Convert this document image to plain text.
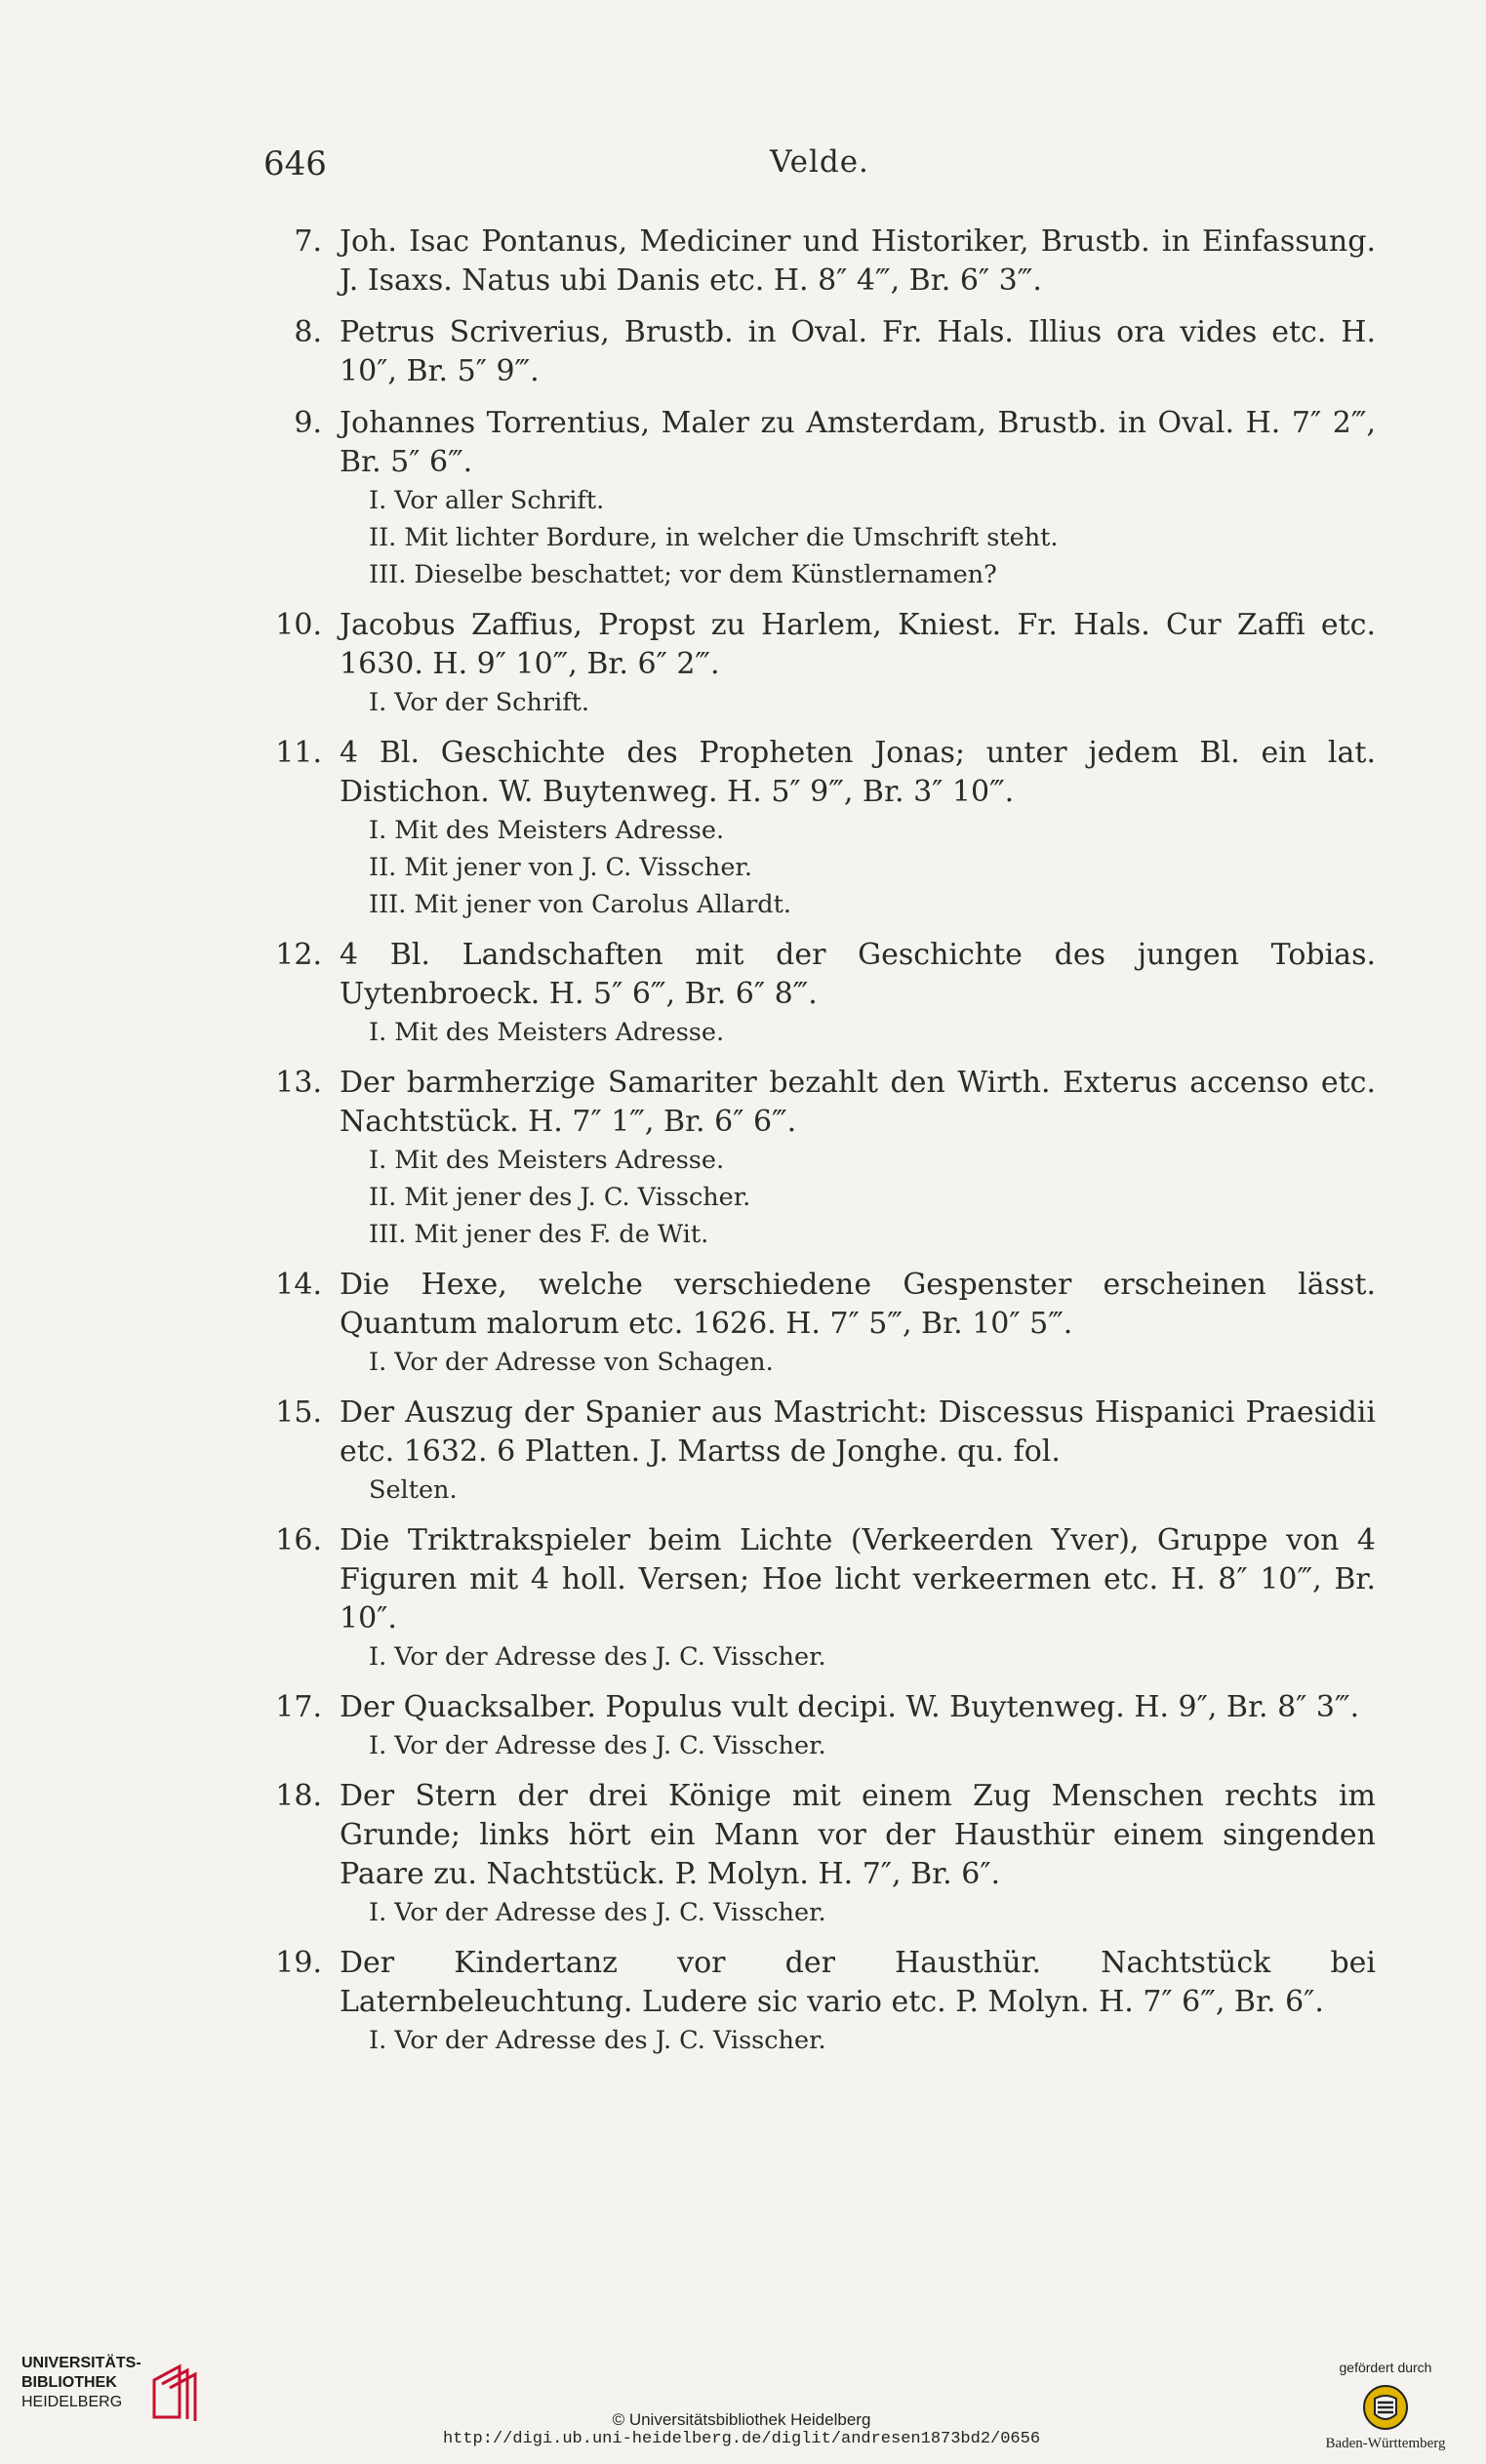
646	Velde.
7. Joh. Isac Pontanus, Mediciner und Historiker, Brustb. in Einfassung. J. Isaxs. Natus ubi Danis etc. H. 8″ 4‴, Br. 6″ 3‴.
8. Petrus Scriverius, Brustb. in Oval. Fr. Hals. Illius ora vides etc. H. 10″, Br. 5″ 9‴.
9. Johannes Torrentius, Maler zu Amsterdam, Brustb. in Oval. H. 7″ 2‴, Br. 5″ 6‴.
I. Vor aller Schrift.
II. Mit lichter Bordure, in welcher die Umschrift steht.
III. Dieselbe beschattet; vor dem Künstlernamen?
10. Jacobus Zaffius, Propst zu Harlem, Kniest. Fr. Hals. Cur Zaffi etc. 1630. H. 9″ 10‴, Br. 6″ 2‴.
I. Vor der Schrift.
11. 4 Bl. Geschichte des Propheten Jonas; unter jedem Bl. ein lat. Distichon. W. Buytenweg. H. 5″ 9‴, Br. 3″ 10‴.
I. Mit des Meisters Adresse.
II. Mit jener von J. C. Visscher.
III. Mit jener von Carolus Allardt.
12. 4 Bl. Landschaften mit der Geschichte des jungen Tobias. Uytenbroeck. H. 5″ 6‴, Br. 6″ 8‴.
I. Mit des Meisters Adresse.
13. Der barmherzige Samariter bezahlt den Wirth. Exterus accenso etc. Nachtstück. H. 7″ 1‴, Br. 6″ 6‴.
I. Mit des Meisters Adresse.
II. Mit jener des J. C. Visscher.
III. Mit jener des F. de Wit.
14. Die Hexe, welche verschiedene Gespenster erscheinen lässt. Quantum malorum etc. 1626. H. 7″ 5‴, Br. 10″ 5‴.
I. Vor der Adresse von Schagen.
15. Der Auszug der Spanier aus Mastricht: Discessus Hispanici Praesidii etc. 1632. 6 Platten. J. Martss de Jonghe. qu. fol.
Selten.
16. Die Triktrakspieler beim Lichte (Verkeerden Yver), Gruppe von 4 Figuren mit 4 holl. Versen; Hoe licht verkeermen etc. H. 8″ 10‴, Br. 10″.
I. Vor der Adresse des J. C. Visscher.
17. Der Quacksalber. Populus vult decipi. W. Buytenweg. H. 9″, Br. 8″ 3‴.
I. Vor der Adresse des J. C. Visscher.
18. Der Stern der drei Könige mit einem Zug Menschen rechts im Grunde; links hört ein Mann vor der Hausthür einem singenden Paare zu. Nachtstück. P. Molyn. H. 7″, Br. 6″.
I. Vor der Adresse des J. C. Visscher.
19. Der Kindertanz vor der Hausthür. Nachtstück bei Laternbeleuchtung. Ludere sic vario etc. P. Molyn. H. 7″ 6‴, Br. 6″.
I. Vor der Adresse des J. C. Visscher.
UNIVERSITÄTS-
BIBLIOTHEK
HEIDELBERG
© Universitätsbibliothek Heidelberg
http://digi.ub.uni-heidelberg.de/diglit/andresen1873bd2/0656
gefördert durch
Baden-Württemberg
